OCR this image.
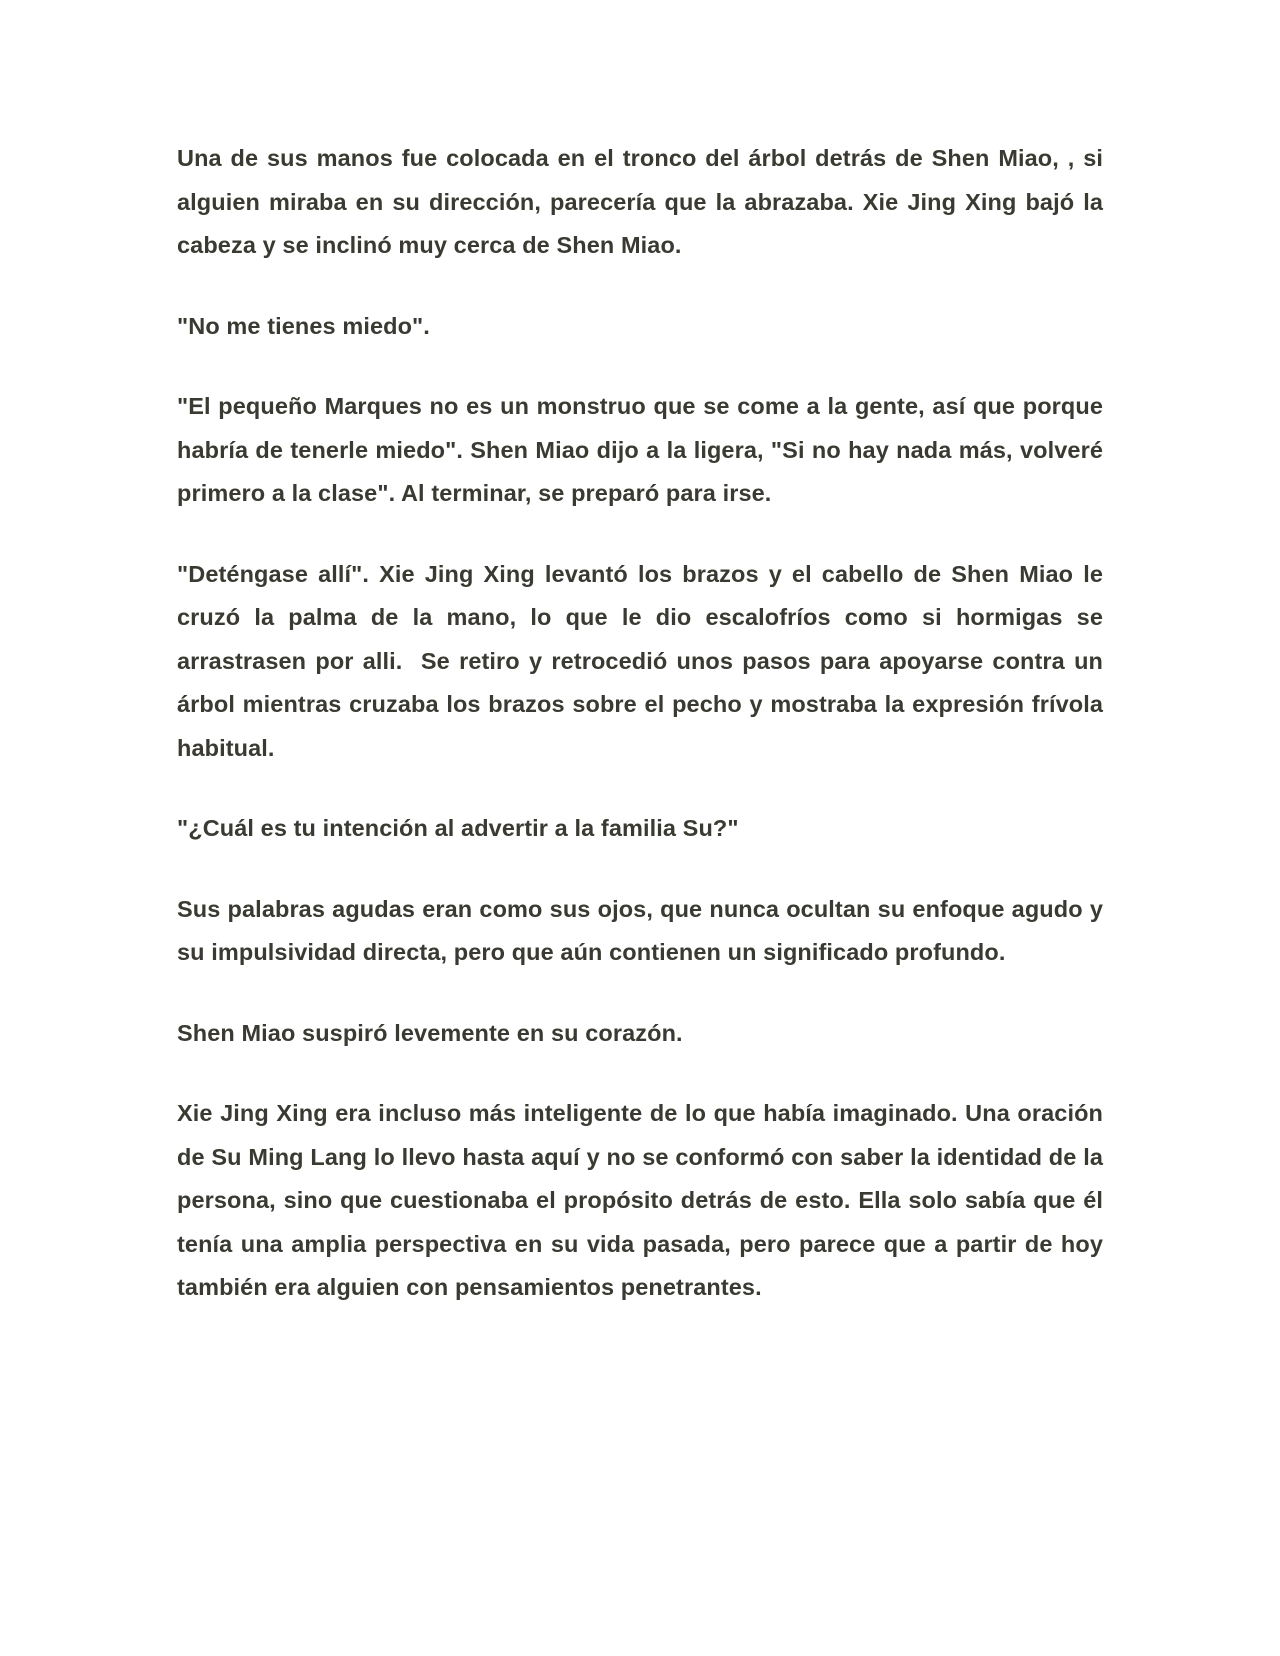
Una de sus manos fue colocada en el tronco del árbol detrás de Shen Miao, , si alguien miraba en su dirección, parecería que la abrazaba. Xie Jing Xing bajó la cabeza y se inclinó muy cerca de Shen Miao.

"No me tienes miedo".

"El pequeño Marques no es un monstruo que se come a la gente, así que porque habría de tenerle miedo". Shen Miao dijo a la ligera, "Si no hay nada más, volveré primero a la clase". Al terminar, se preparó para irse.

"Deténgase allí". Xie Jing Xing levantó los brazos y el cabello de Shen Miao le cruzó la palma de la mano, lo que le dio escalofríos como si hormigas se arrastrasen por alli.  Se retiro y retrocedió unos pasos para apoyarse contra un árbol mientras cruzaba los brazos sobre el pecho y mostraba la expresión frívola habitual.

"¿Cuál es tu intención al advertir a la familia Su?"

Sus palabras agudas eran como sus ojos, que nunca ocultan su enfoque agudo y su impulsividad directa, pero que aún contienen un significado profundo.

Shen Miao suspiró levemente en su corazón.

Xie Jing Xing era incluso más inteligente de lo que había imaginado. Una oración de Su Ming Lang lo llevo hasta aquí y no se conformó con saber la identidad de la persona, sino que cuestionaba el propósito detrás de esto. Ella solo sabía que él tenía una amplia perspectiva en su vida pasada, pero parece que a partir de hoy también era alguien con pensamientos penetrantes.
